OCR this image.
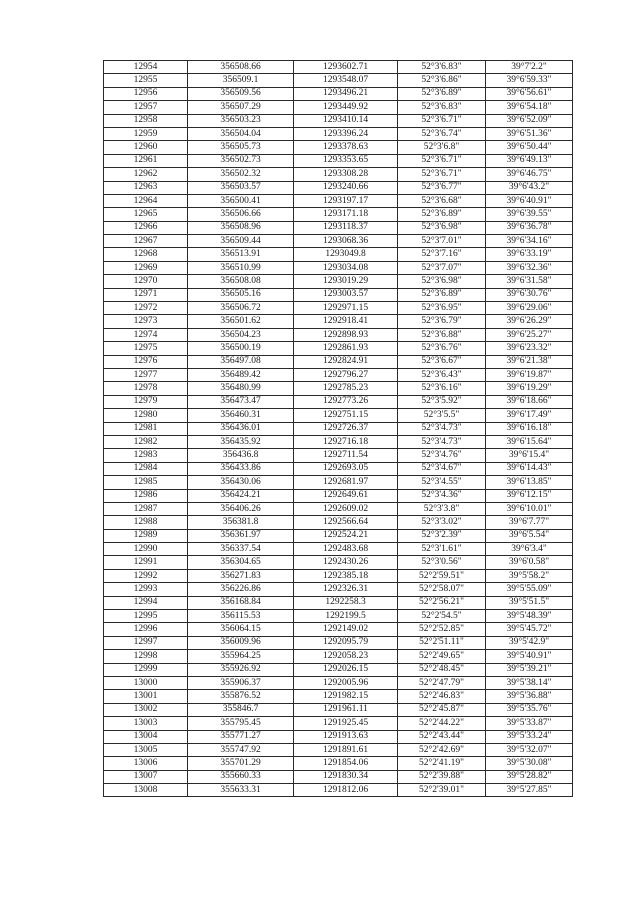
12954	356508.66	1293602.71	52°3'6.83"	39°7'2.2"
12955	356509.1	1293548.07	52°3'6.86"	39°6'59.33"
12956	356509.56	1293496.21	52°3'6.89"	39°6'56.61"
12957	356507.29	1293449.92	52°3'6.83"	39°6'54.18"
12958	356503.23	1293410.14	52°3'6.71"	39°6'52.09"
12959	356504.04	1293396.24	52°3'6.74"	39°6'51.36"
12960	356505.73	1293378.63	52°3'6.8"	39°6'50.44"
12961	356502.73	1293353.65	52°3'6.71"	39°6'49.13"
12962	356502.32	1293308.28	52°3'6.71"	39°6'46.75"
12963	356503.57	1293240.66	52°3'6.77"	39°6'43.2"
12964	356500.41	1293197.17	52°3'6.68"	39°6'40.91"
12965	356506.66	1293171.18	52°3'6.89"	39°6'39.55"
12966	356508.96	1293118.37	52°3'6.98"	39°6'36.78"
12967	356509.44	1293068.36	52°3'7.01"	39°6'34.16"
12968	356513.91	1293049.8	52°3'7.16"	39°6'33.19"
12969	356510.99	1293034.08	52°3'7.07"	39°6'32.36"
12970	356508.08	1293019.29	52°3'6.98"	39°6'31.58"
12971	356505.16	1293003.57	52°3'6.89"	39°6'30.76"
12972	356506.72	1292971.15	52°3'6.95"	39°6'29.06"
12973	356501.62	1292918.41	52°3'6.79"	39°6'26.29"
12974	356504.23	1292898.93	52°3'6.88"	39°6'25.27"
12975	356500.19	1292861.93	52°3'6.76"	39°6'23.32"
12976	356497.08	1292824.91	52°3'6.67"	39°6'21.38"
12977	356489.42	1292796.27	52°3'6.43"	39°6'19.87"
12978	356480.99	1292785.23	52°3'6.16"	39°6'19.29"
12979	356473.47	1292773.26	52°3'5.92"	39°6'18.66"
12980	356460.31	1292751.15	52°3'5.5"	39°6'17.49"
12981	356436.01	1292726.37	52°3'4.73"	39°6'16.18"
12982	356435.92	1292716.18	52°3'4.73"	39°6'15.64"
12983	356436.8	1292711.54	52°3'4.76"	39°6'15.4"
12984	356433.86	1292693.05	52°3'4.67"	39°6'14.43"
12985	356430.06	1292681.97	52°3'4.55"	39°6'13.85"
12986	356424.21	1292649.61	52°3'4.36"	39°6'12.15"
12987	356406.26	1292609.02	52°3'3.8"	39°6'10.01"
12988	356381.8	1292566.64	52°3'3.02"	39°6'7.77"
12989	356361.97	1292524.21	52°3'2.39"	39°6'5.54"
12990	356337.54	1292483.68	52°3'1.61"	39°6'3.4"
12991	356304.65	1292430.26	52°3'0.56"	39°6'0.58"
12992	356271.83	1292385.18	52°2'59.51"	39°5'58.2"
12993	356226.86	1292326.31	52°2'58.07"	39°5'55.09"
12994	356168.84	1292258.3	52°2'56.21"	39°5'51.5"
12995	356115.53	1292199.5	52°2'54.5"	39°5'48.39"
12996	356064.15	1292149.02	52°2'52.85"	39°5'45.72"
12997	356009.96	1292095.79	52°2'51.11"	39°5'42.9"
12998	355964.25	1292058.23	52°2'49.65"	39°5'40.91"
12999	355926.92	1292026.15	52°2'48.45"	39°5'39.21"
13000	355906.37	1292005.96	52°2'47.79"	39°5'38.14"
13001	355876.52	1291982.15	52°2'46.83"	39°5'36.88"
13002	355846.7	1291961.11	52°2'45.87"	39°5'35.76"
13003	355795.45	1291925.45	52°2'44.22"	39°5'33.87"
13004	355771.27	1291913.63	52°2'43.44"	39°5'33.24"
13005	355747.92	1291891.61	52°2'42.69"	39°5'32.07"
13006	355701.29	1291854.06	52°2'41.19"	39°5'30.08"
13007	355660.33	1291830.34	52°2'39.88"	39°5'28.82"
13008	355633.31	1291812.06	52°2'39.01"	39°5'27.85"
